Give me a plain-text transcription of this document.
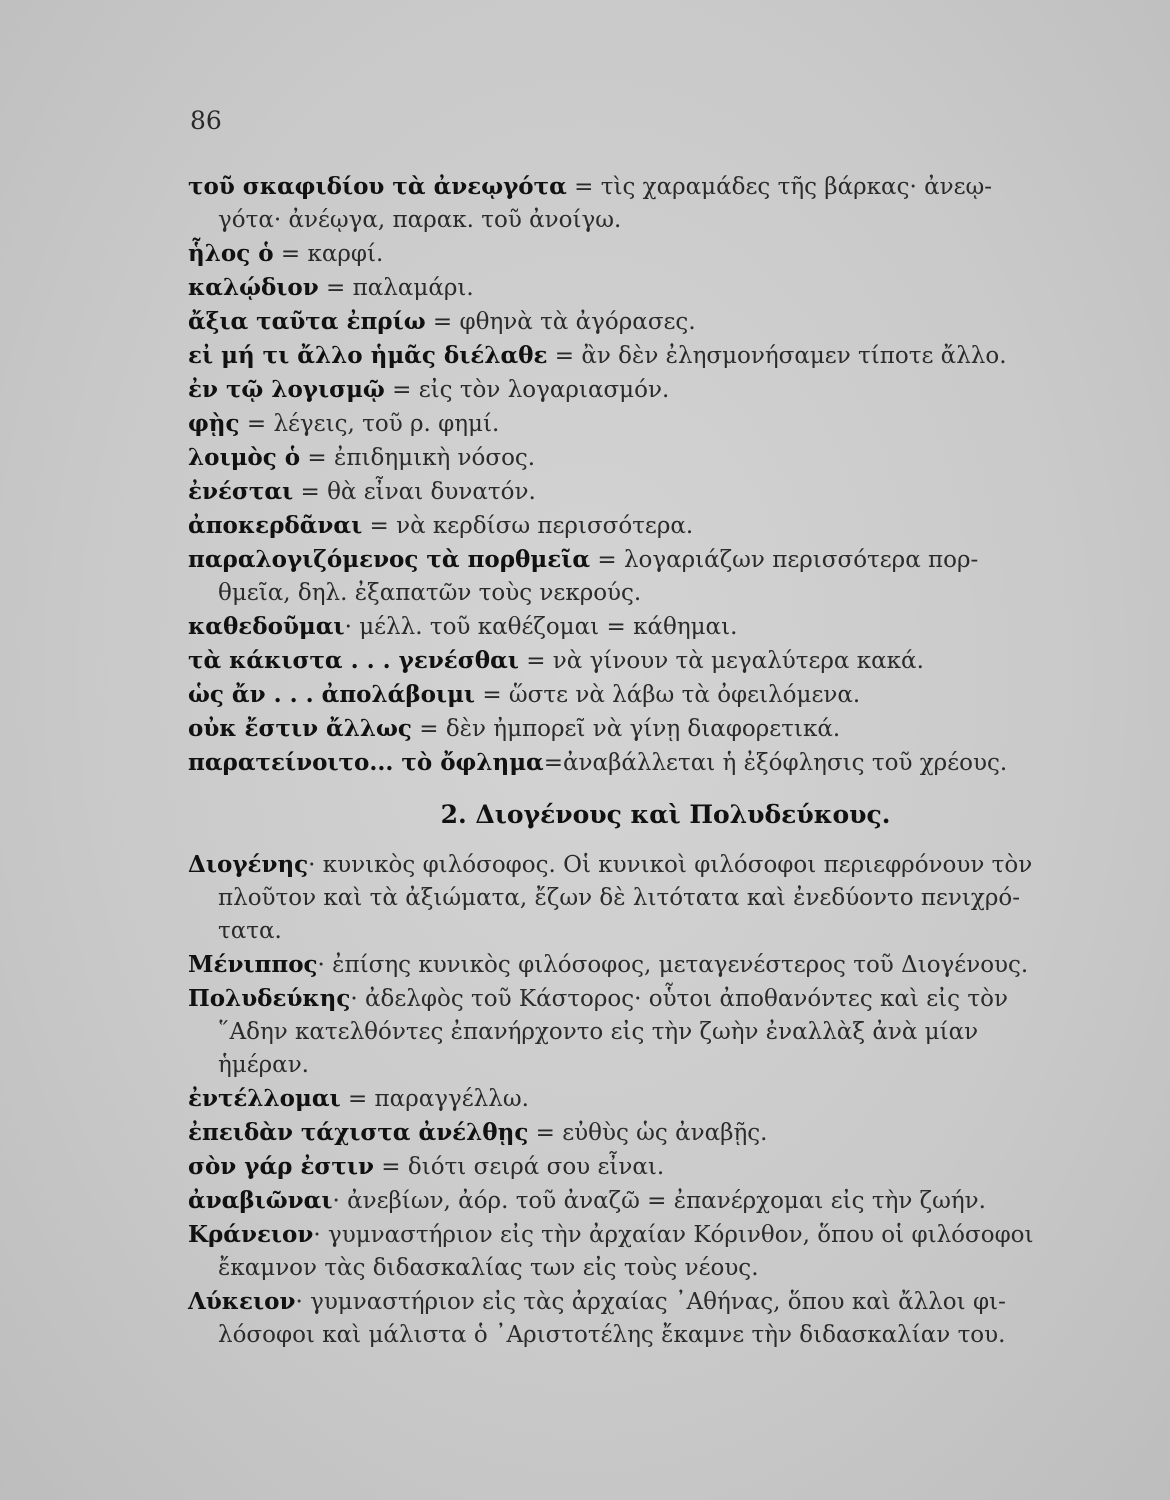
86

τοῦ σκαφιδίου τὰ ἀνεῳγότα = τὶς χαραμάδες τῆς βάρκας· ἀνεῳ-
γότα· ἀνέῳγα, παρακ. τοῦ ἀνοίγω.

ἧλος ὁ = καρφί.

καλῴδιον = παλαμάρι.

ἄξια ταῦτα ἐπρίω = φθηνὰ τὰ ἀγόρασες.

εἰ μή τι ἄλλο ἡμᾶς διέλαθε = ἂν δὲν ἐλησμονήσαμεν τίποτε ἄλλο.

ἐν τῷ λογισμῷ = εἰς τὸν λογαριασμόν.

φῂς = λέγεις, τοῦ ρ. φημί.

λοιμὸς ὁ = ἐπιδημικὴ νόσος.

ἐνέσται = θὰ εἶναι δυνατόν.

ἀποκερδᾶναι = νὰ κερδίσω περισσότερα.

παραλογιζόμενος τὰ πορθμεῖα = λογαριάζων περισσότερα πορ-
θμεῖα, δηλ. ἐξαπατῶν τοὺς νεκρούς.

καθεδοῦμαι· μέλλ. τοῦ καθέζομαι = κάθημαι.

τὰ κάκιστα . . . γενέσθαι = νὰ γίνουν τὰ μεγαλύτερα κακά.

ὡς ἄν . . . ἀπολάβοιμι = ὥστε νὰ λάβω τὰ ὀφειλόμενα.

οὐκ ἔστιν ἄλλως = δὲν ἠμπορεῖ νὰ γίνῃ διαφορετικά.

παρατείνοιτο... τὸ ὄφλημα=ἀναβάλλεται ἡ ἐξόφλησις τοῦ χρέους.

2. Διογένους καὶ Πολυδεύκους.

Διογένης· κυνικὸς φιλόσοφος. Οἱ κυνικοὶ φιλόσοφοι περιεφρόνουν τὸν
πλοῦτον καὶ τὰ ἀξιώματα, ἔζων δὲ λιτότατα καὶ ἐνεδύοντο πενιχρό-
τατα.

Μένιππος· ἐπίσης κυνικὸς φιλόσοφος, μεταγενέστερος τοῦ Διογένους.

Πολυδεύκης· ἀδελφὸς τοῦ Κάστορος· οὗτοι ἀποθανόντες καὶ εἰς τὸν
῞Αδην κατελθόντες ἐπανήρχοντο εἰς τὴν ζωὴν ἐναλλὰξ ἀνὰ μίαν
ἡμέραν.

ἐντέλλομαι = παραγγέλλω.

ἐπειδὰν τάχιστα ἀνέλθῃς = εὐθὺς ὡς ἀναβῇς.

σὸν γάρ ἐστιν = διότι σειρά σου εἶναι.

ἀναβιῶναι· ἀνεβίων, ἀόρ. τοῦ ἀναζῶ = ἐπανέρχομαι εἰς τὴν ζωήν.

Κράνειον· γυμναστήριον εἰς τὴν ἀρχαίαν Κόρινθον, ὅπου οἱ φιλόσοφοι
ἔκαμνον τὰς διδασκαλίας των εἰς τοὺς νέους.

Λύκειον· γυμναστήριον εἰς τὰς ἀρχαίας ᾿Αθήνας, ὅπου καὶ ἄλλοι φι-
λόσοφοι καὶ μάλιστα ὁ ᾿Αριστοτέλης ἔκαμνε τὴν διδασκαλίαν του.
